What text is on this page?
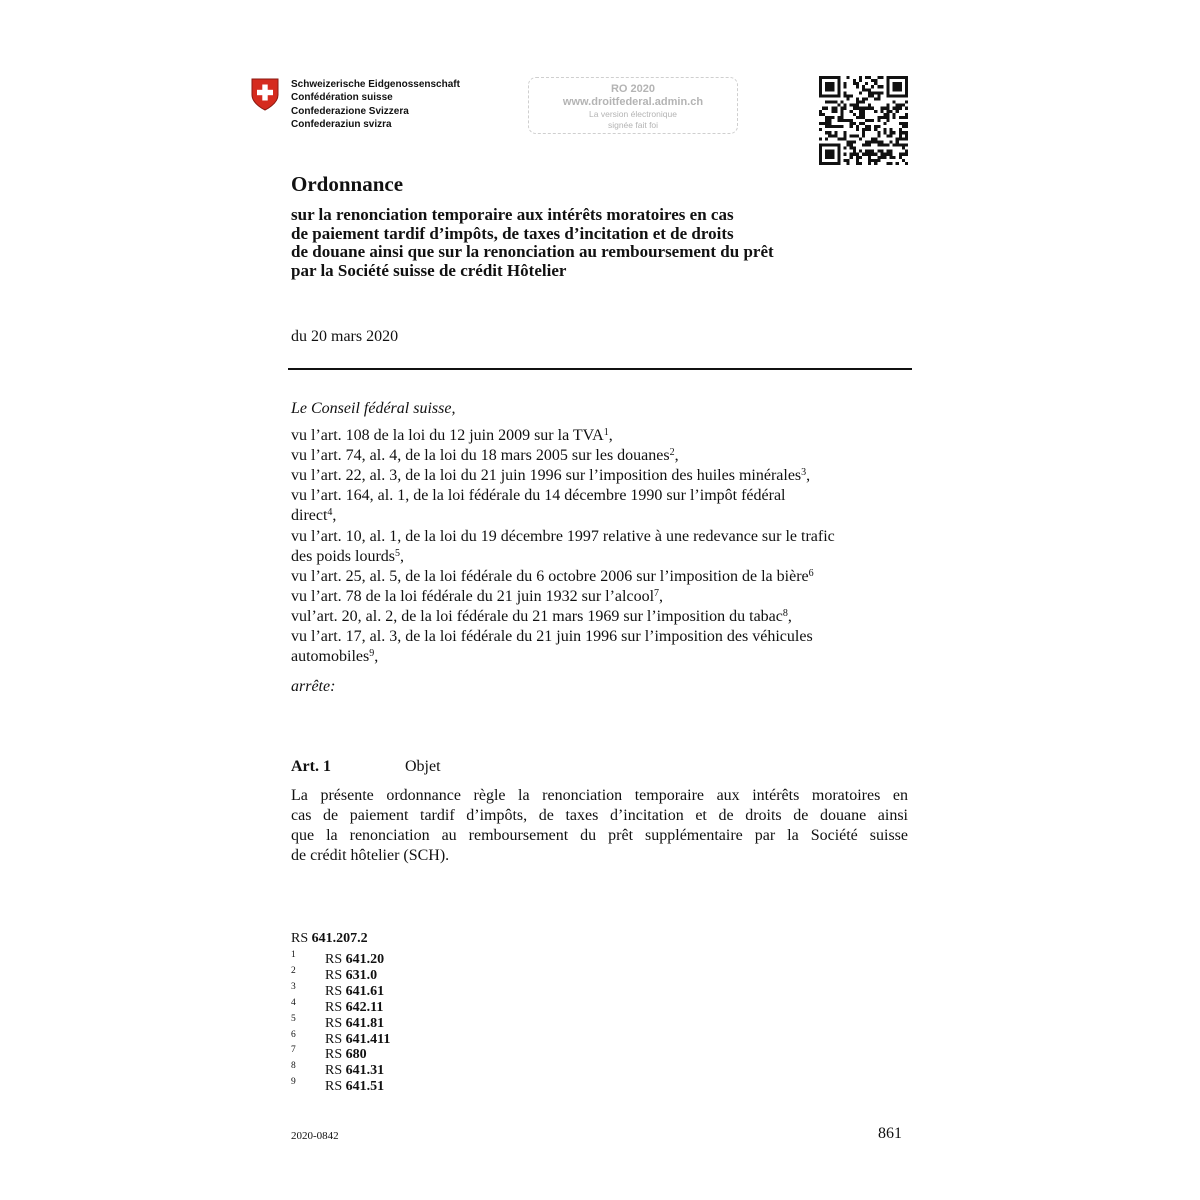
Schweizerische Eidgenossenschaft
Confédération suisse
Confederazione Svizzera
Confederaziun svizra
RO 2020
www.droitfederal.admin.ch
La version électronique
signée fait foi
Ordonnance
sur la renonciation temporaire aux intérêts moratoires en cas
de paiement tardif d’impôts, de taxes d’incitation et de droits
de douane ainsi que sur la renonciation au remboursement du prêt
par la Société suisse de crédit Hôtelier
du 20 mars 2020
Le Conseil fédéral suisse,
vu l’art. 108 de la loi du 12 juin 2009 sur la TVA$^1$,
vu l’art. 74, al. 4, de la loi du 18 mars 2005 sur les douanes$^2$,
vu l’art. 22, al. 3, de la loi du 21 juin 1996 sur l’imposition des huiles minérales$^3$,
vu l’art. 164, al. 1, de la loi fédérale du 14 décembre 1990 sur l’impôt fédéral
direct$^4$,
vu l’art. 10, al. 1, de la loi du 19 décembre 1997 relative à une redevance sur le trafic
des poids lourds$^5$,
vu l’art. 25, al. 5, de la loi fédérale du 6 octobre 2006 sur l’imposition de la bière$^6$
vu l’art. 78 de la loi fédérale du 21 juin 1932 sur l’alcool$^7$,
vul’art. 20, al. 2, de la loi fédérale du 21 mars 1969 sur l’imposition du tabac$^8$,
vu l’art. 17, al. 3, de la loi fédérale du 21 juin 1996 sur l’imposition des véhicules
automobiles$^9$,
arrête:
Art. 1	Objet
La présente ordonnance règle la renonciation temporaire aux intérêts moratoires en
cas de paiement tardif d’impôts, de taxes d’incitation et de droits de douane ainsi
que la renonciation au remboursement du prêt supplémentaire par la Société suisse
de crédit hôtelier (SCH).
RS 641.207.2
1 RS 641.20
2 RS 631.0
3 RS 641.61
4 RS 642.11
5 RS 641.81
6 RS 641.411
7 RS 680
8 RS 641.31
9 RS 641.51
2020-0842	861
